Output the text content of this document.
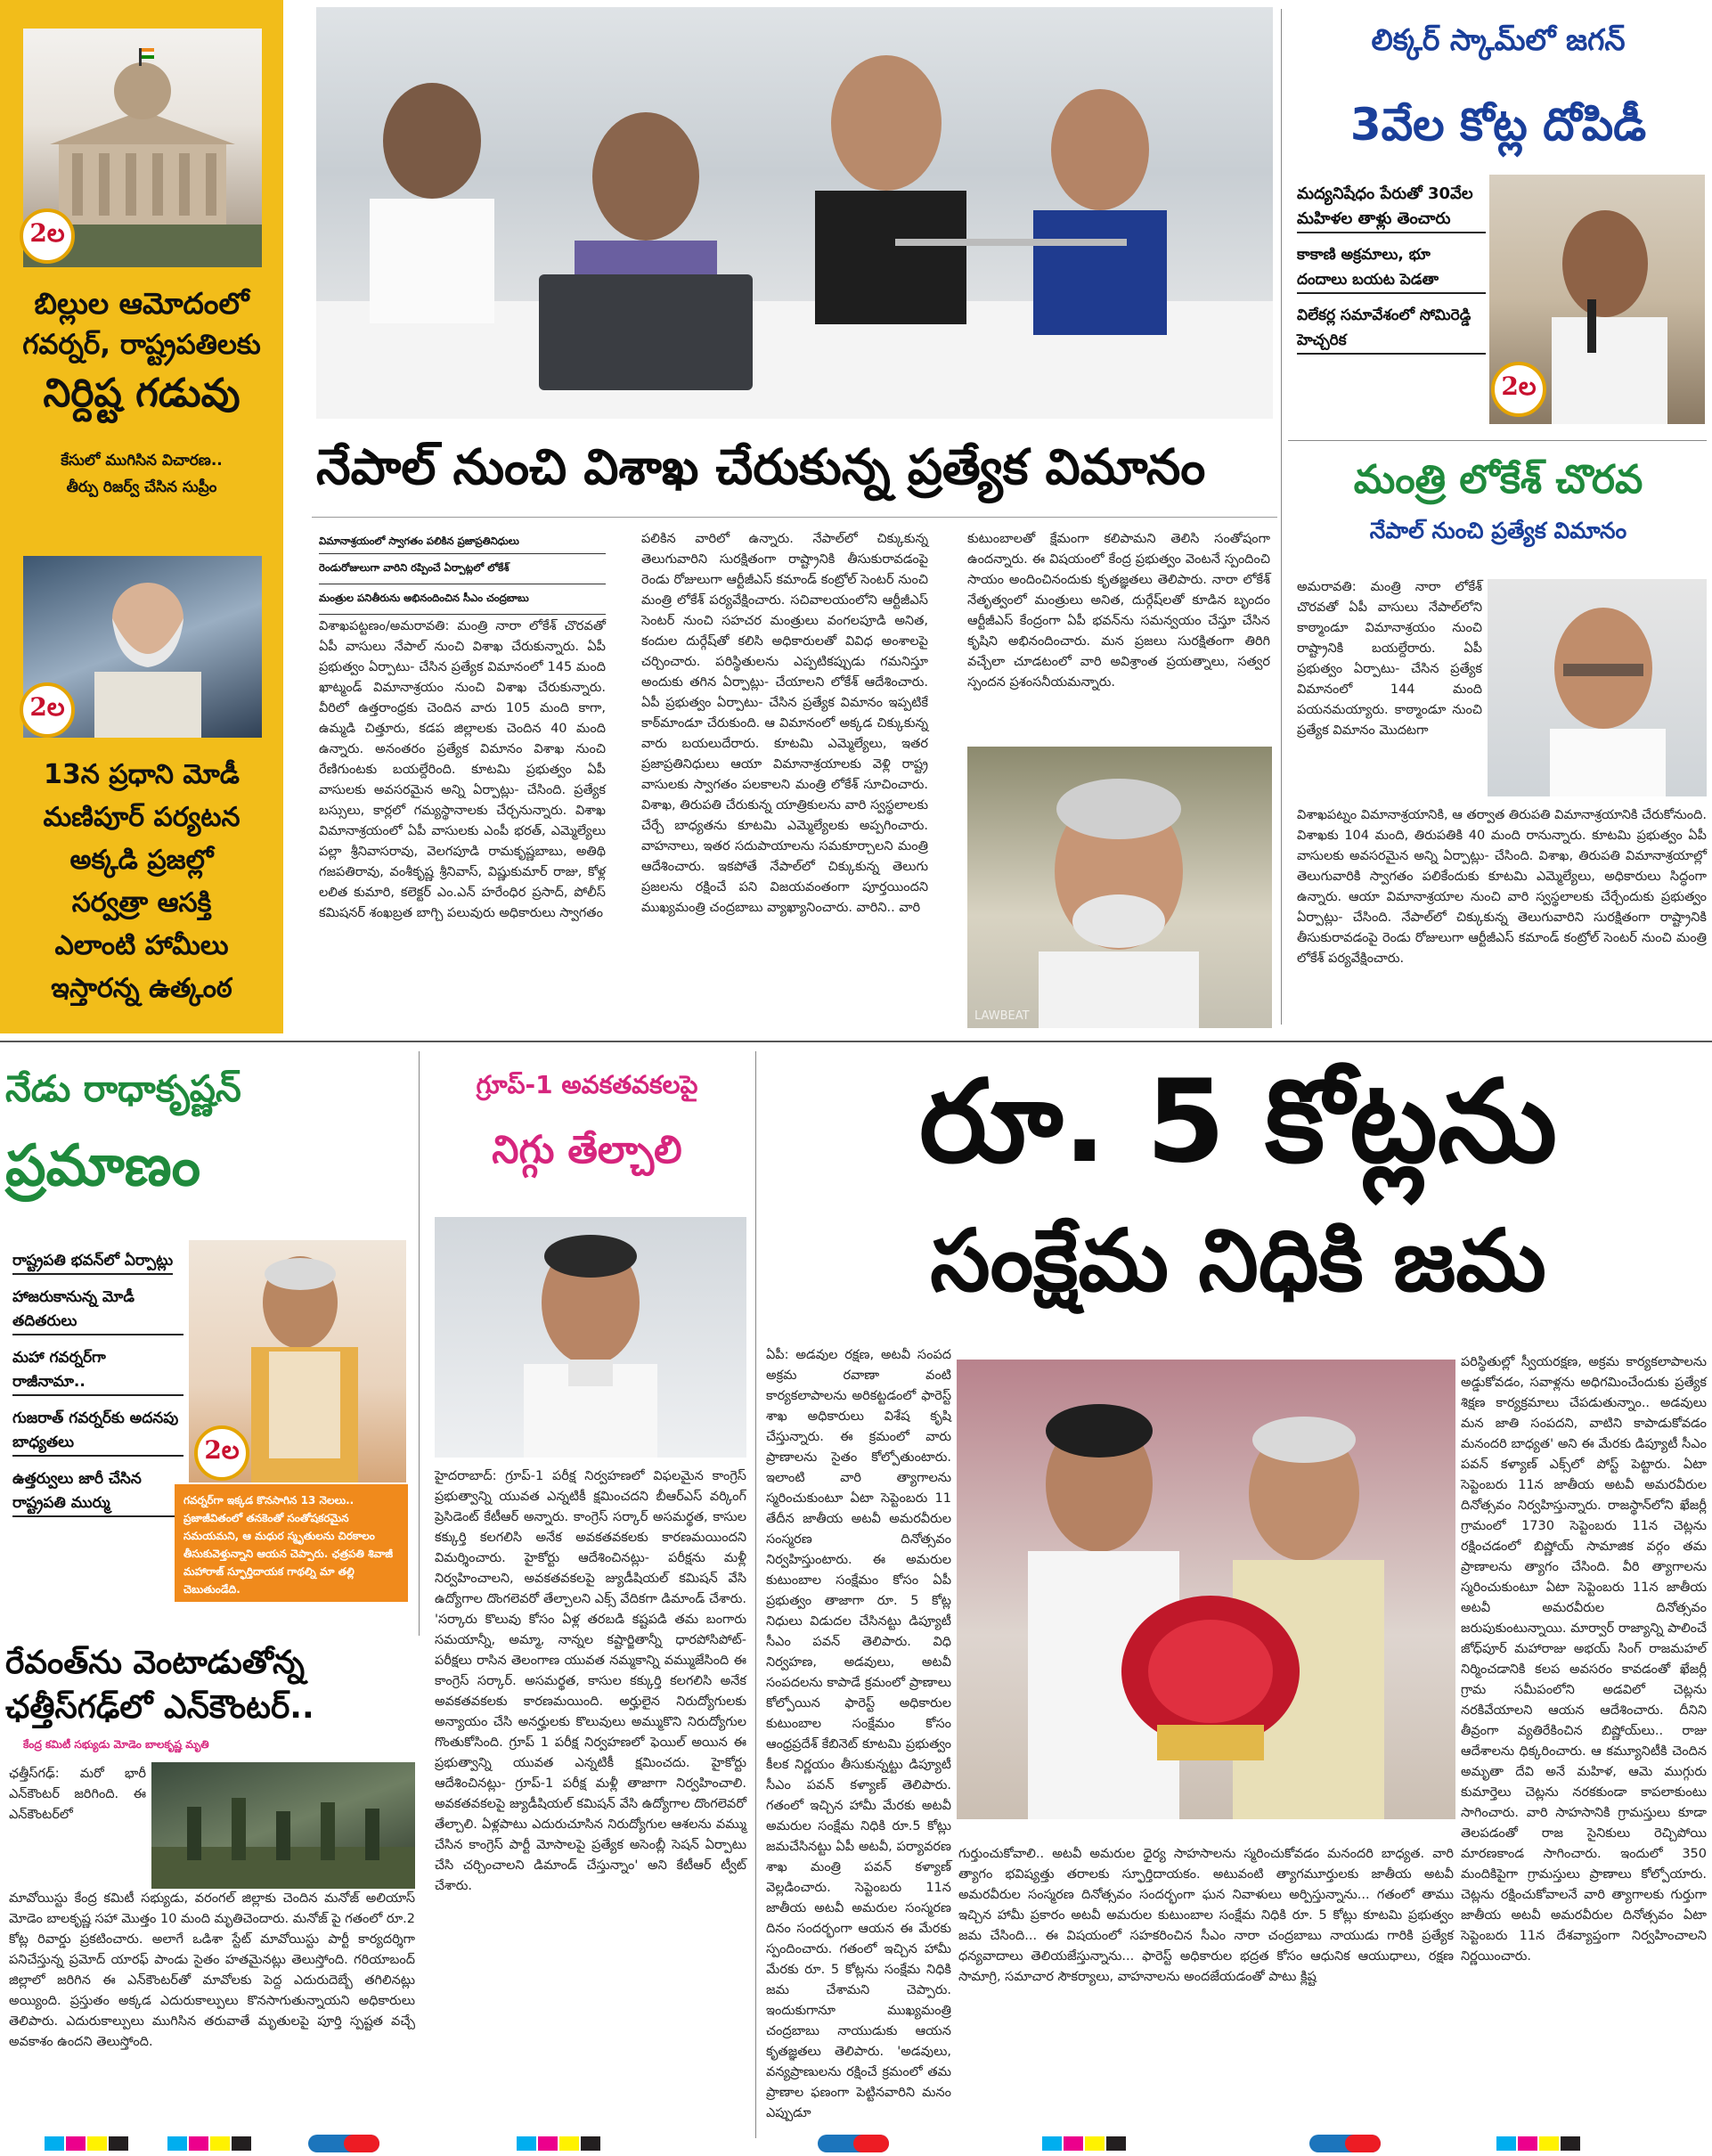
2ల
బిల్లుల ఆమోదంలో
గవర్నర్, రాష్ట్రపతిలకు
నిర్దిష్ట గడువు
కేసులో ముగిసిన విచారణ..
తీర్పు రిజర్వ్ చేసిన సుప్రీం
2ల
13న ప్రధాని మోడీ
మణిపూర్ పర్యటన
అక్కడి ప్రజల్లో
సర్వత్రా ఆసక్తి
ఎలాంటి హామీలు
ఇస్తారన్న ఉత్కంఠ
నేపాల్ నుంచి విశాఖ చేరుకున్న ప్రత్యేక విమానం
విమానాశ్రయంలో స్వాగతం పలికిన ప్రజాప్రతినిధులు
రెండురోజులుగా వారిని రప్పించే ఏర్పాట్లలో లోకేశ్
మంత్రుల పనితీరును అభినందించిన సీఎం చంద్రబాబు
విశాఖపట్టణం/అమరావతి: మంత్రి నారా లోకేశ్ చొరవతో ఏపీ వాసులు నేపాల్ నుంచి విశాఖ చేరుకున్నారు. ఏపీ ప్రభుత్వం ఏర్పాటు- చేసిన ప్రత్యేక విమానంలో 145 మంది ఖాట్మండ్ విమానాశ్రయం నుంచి విశాఖ చేరుకున్నారు. వీరిలో ఉత్తరాంధ్రకు చెందిన వారు 105 మంది కాగా, ఉమ్మడి చిత్తూరు, కడప జిల్లాలకు చెందిన 40 మంది ఉన్నారు. అనంతరం ప్రత్యేక విమానం విశాఖ నుంచి రేణిగుంటకు బయల్దేరింది. కూటమి ప్రభుత్వం ఏపీ వాసులకు అవసరమైన అన్ని ఏర్పాట్లు- చేసింది. ప్రత్యేక బస్సులు, కార్లలో గమ్యస్థానాలకు చేర్చనున్నారు. విశాఖ విమానాశ్రయంలో ఏపీ వాసులకు ఎంపీ భరత్, ఎమ్మెల్యేలు పల్లా శ్రీనివాసరావు, వెలగపూడి రామకృష్ణబాబు, అతిథి గజపతిరావు, వంశీకృష్ణ శ్రీనివాస్, విష్ణుకుమార్ రాజు, కోళ్ల లలిత కుమారి, కలెక్టర్ ఎం.ఎన్ హరేంధిర ప్రసాద్, పోలీస్ కమిషనర్ శంఖబ్రత బాగ్చి పలువురు అధికారులు స్వాగతం
పలికిన వారిలో ఉన్నారు. నేపాల్‌లో చిక్కుకున్న తెలుగువారిని సురక్షితంగా రాష్ట్రానికి తీసుకురావడంపై రెండు రోజులుగా ఆర్టీజీఎస్ కమాండ్ కంట్రోల్ సెంటర్ నుంచి మంత్రి లోకేశ్ పర్యవేక్షించారు. సచివాలయంలోని ఆర్టీజీఎస్ సెంటర్ నుంచి సహచర మంత్రులు వంగలపూడి అనిత, కందుల దుర్గేష్‌తో కలిసి అధికారులతో వివిధ అంశాలపై చర్చించారు. పరిస్థితులను ఎప్పటికప్పుడు గమనిస్తూ అందుకు తగిన ఏర్పాట్లు- చేయాలని లోకేశ్ ఆదేశించారు. ఏపీ ప్రభుత్వం ఏర్పాటు- చేసిన ప్రత్యేక విమానం ఇప్పటికే కాఠ్‌మాండూ చేరుకుంది. ఆ విమానంలో అక్కడ చిక్కుకున్న వారు బయలుదేరారు. కూటమి ఎమ్మెల్యేలు, ఇతర ప్రజాప్రతినిధులు ఆయా విమానాశ్రయాలకు వెళ్లి రాష్ట్ర వాసులకు స్వాగతం పలకాలని మంత్రి లోకేశ్ సూచించారు. విశాఖ, తిరుపతి చేరుకున్న యాత్రికులను వారి స్వస్థలాలకు చేర్చే బాధ్యతను కూటమి ఎమ్మెల్యేలకు అప్పగించారు. వాహనాలు, ఇతర సదుపాయాలను సమకూర్చాలని మంత్రి ఆదేశించారు. ఇకపోతే నేపాల్‌లో చిక్కుకున్న తెలుగు ప్రజలను రక్షించే పని విజయవంతంగా పూర్తయిందని ముఖ్యమంత్రి చంద్రబాబు వ్యాఖ్యానించారు. వారిని.. వారి
కుటుంబాలతో క్షేమంగా కలిపామని తెలిసి సంతోషంగా ఉందన్నారు. ఈ విషయంలో కేంద్ర ప్రభుత్వం వెంటనే స్పందించి సాయం అందించినందుకు కృతజ్ఞతలు తెలిపారు. నారా లోకేశ్ నేతృత్వంలో మంత్రులు అనిత, దుర్గేష్‌లతో కూడిన బృందం ఆర్టీజీఎస్ కేంద్రంగా ఏపీ భవన్‌ను సమన్వయం చేస్తూ చేసిన కృషిని అభినందించారు. మన ప్రజలు సురక్షితంగా తిరిగి వచ్చేలా చూడటంలో వారి అవిశ్రాంత ప్రయత్నాలు, సత్వర స్పందన ప్రశంసనీయమన్నారు.
LAWBEAT
లిక్కర్ స్కామ్‌లో జగన్
3వేల కోట్ల దోపిడీ
మద్యనిషేధం పేరుతో 30వేల మహిళల తాళ్లు తెంచారు కాకాణి అక్రమాలు, భూ దందాలు బయట పెడతా విలేకర్ల సమావేశంలో సోమిరెడ్డి హెచ్చరిక
2ల
మంత్రి లోకేశ్ చొరవ
నేపాల్ నుంచి ప్రత్యేక విమానం
అమరావతి: మంత్రి నారా లోకేశ్ చొరవతో ఏపీ వాసులు నేపాల్‌లోని కాఠ్మాండూ విమానాశ్రయం నుంచి రాష్ట్రానికి బయల్దేరారు. ఏపీ ప్రభుత్వం ఏర్పాటు- చేసిన ప్రత్యేక విమానంలో 144 మంది పయనమయ్యారు. కాఠ్మాండూ నుంచి ప్రత్యేక విమానం మొదటగా
విశాఖపట్నం విమానాశ్రయానికి, ఆ తర్వాత తిరుపతి విమానాశ్రయానికి చేరుకోనుంది. విశాఖకు 104 మంది, తిరుపతికి 40 మంది రానున్నారు. కూటమి ప్రభుత్వం ఏపీ వాసులకు అవసరమైన అన్ని ఏర్పాట్లు- చేసింది. విశాఖ, తిరుపతి విమానాశ్రయాల్లో తెలుగువారికి స్వాగతం పలికేందుకు కూటమి ఎమ్మెల్యేలు, అధికారులు సిద్ధంగా ఉన్నారు. ఆయా విమానాశ్రయాల నుంచి వారి స్వస్థలాలకు చేర్చేందుకు ప్రభుత్వం ఏర్పాట్లు- చేసింది. నేపాల్‌లో చిక్కుకున్న తెలుగువారిని సురక్షితంగా రాష్ట్రానికి తీసుకురావడంపై రెండు రోజులుగా ఆర్టీజీఎస్ కమాండ్ కంట్రోల్ సెంటర్ నుంచి మంత్రి లోకేశ్ పర్యవేక్షించారు.
నేడు రాధాకృష్ణన్
ప్రమాణం
రాష్ట్రపతి భవన్‌లో ఏర్పాట్లు హాజరుకానున్న మోడీ తదితరులు మహా గవర్నర్‌గా రాజీనామా.. గుజరాత్ గవర్నర్‌కు అదనపు బాధ్యతలు ఉత్తర్వులు జారీ చేసిన రాష్ట్రపతి ముర్ము
2ల
గవర్నర్‌గా ఇక్కడ కొనసాగిన 13 నెలలు.. ప్రజాజీవితంలో తనకెంతో సంతోషకరమైన సమయమని, ఆ మధుర స్మృతులను చిరకాలం తీసుకువెళ్తున్నాని ఆయన చెప్పారు. ఛత్రపతి శివాజీ మహారాజ్ స్ఫూర్తిదాయక గాథల్ని మా తల్లి చెబుతుండేది.
రేవంత్‌ను వెంటాడుతోన్న
ఛత్తీస్‌గఢ్‌లో ఎన్‌కౌంటర్..
కేంద్ర కమిటీ సభ్యుడు మోడెం బాలకృష్ణ మృతి
ఛత్తీస్‌గఢ్: మరో భారీ ఎన్‌కౌంటర్ జరిగింది. ఈ ఎన్‌కౌంటర్‌లో
మావోయిస్టు కేంద్ర కమిటీ సభ్యుడు, వరంగల్ జిల్లాకు చెందిన మనోజ్ అలియాస్ మోడెం బాలకృష్ణ సహా మొత్తం 10 మంది మృతిచెందారు. మనోజ్ పై గతంలో రూ.2 కోట్ల రివార్డు ప్రకటించారు. అలాగే ఒడిశా స్టేట్ మావోయిస్టు పార్టీ కార్యదర్శిగా పనిచేస్తున్న ప్రమోద్ యారఫ్ పాండు సైతం హతమైనట్లు తెలుస్తోంది. గరియాబంద్ జిల్లాలో జరిగిన ఈ ఎన్‌కౌంటర్‌తో మావోలకు పెద్ద ఎదురుదెబ్బే తగిలినట్లు అయ్యింది. ప్రస్తుతం అక్కడ ఎదురుకాల్పులు కొనసాగుతున్నాయని అధికారులు తెలిపారు. ఎదురుకాల్పులు ముగిసిన తరువాతే మృతులపై పూర్తి స్పష్టత వచ్చే అవకాశం ఉందని తెలుస్తోంది.
గ్రూప్-1 అవకతవకలపై
నిగ్గు తేల్చాలి
హైదరాబాద్: గ్రూప్-1 పరీక్ష నిర్వహణలో విఫలమైన కాంగ్రెస్ ప్రభుత్వాన్ని యువత ఎన్నటికీ క్షమించదని బీఆర్ఎస్ వర్కింగ్ ప్రెసిడెంట్ కేటీఆర్ అన్నారు. కాంగ్రెస్ సర్కార్ అసమర్థత, కాసుల కక్కుర్తి కలగలిసి అనేక అవకతవకలకు కారణమయిందని విమర్శించారు. హైకోర్టు ఆదేశించినట్లు- పరీక్షను మళ్లీ నిర్వహించాలని, అవకతవకలపై జ్యుడీషియల్ కమిషన్ వేసి ఉద్యోగాల దొంగలెవరో తేల్చాలని ఎక్స్ వేదికగా డిమాండ్ చేశారు. 'సర్కారు కొలువు కోసం ఏళ్ల తరబడి కష్టపడి తమ బంగారు సమయాన్నీ, అమ్మా, నాన్నల కష్టార్జితాన్నీ ధారపోసిపోట్- పరీక్షలు రాసిన తెలంగాణ యువత నమ్మకాన్ని వమ్ముజేసింది ఈ కాంగ్రెస్ సర్కార్. అసమర్థత, కాసుల కక్కుర్తి కలగలిసి అనేక అవకతవకలకు కారణమయింది. అర్హులైన నిరుద్యోగులకు అన్యాయం చేసి అనర్హులకు కొలువులు అమ్ముకొని నిరుద్యోగుల గొంతుకోసింది. గ్రూప్ 1 పరీక్ష నిర్వహణలో ఫెయిల్ అయిన ఈ ప్రభుత్వాన్ని యువత ఎన్నటికీ క్షమించదు. హైకోర్టు ఆదేశించినట్లు- గ్రూప్-1 పరీక్ష మళ్లీ తాజాగా నిర్వహించాలి. అవకతవకలపై జ్యుడీషియల్ కమిషన్ వేసి ఉద్యోగాల దొంగలెవరో తేల్చాలి. ఏళ్లపాటు ఎదురుచూసిన నిరుద్యోగుల ఆశలను వమ్ము చేసిన కాంగ్రెస్ పార్టీ మోసాలపై ప్రత్యేక అసెంబ్లీ సెషన్ ఏర్పాటు చేసి చర్చించాలని డిమాండ్ చేస్తున్నాం' అని కేటీఆర్ ట్వీట్ చేశారు.
రూ. 5 కోట్లను
సంక్షేమ నిధికి జమ
ఏపీ: అడవుల రక్షణ, అటవీ సంపద అక్రమ రవాణా వంటి కార్యకలాపాలను అరికట్టడంలో ఫారెస్ట్ శాఖ అధికారులు విశేష కృషి చేస్తున్నారు. ఈ క్రమంలో వారు ప్రాణాలను సైతం కోల్పోతుంటారు. ఇలాంటి వారి త్యాగాలను స్మరించుకుంటూ ఏటా సెప్టెంబరు 11 తేదీన జాతీయ అటవీ అమరవీరుల సంస్మరణ దినోత్సవం నిర్వహిస్తుంటారు. ఈ అమరుల కుటుంబాల సంక్షేమం కోసం ఏపీ ప్రభుత్వం తాజాగా రూ. 5 కోట్ల నిధులు విడుదల చేసినట్టు డిప్యూటీ సీఎం పవన్ తెలిపారు. విధి నిర్వహణ, అడవులు, అటవీ సంపదలను కాపాడే క్రమంలో ప్రాణాలు కోల్పోయిన ఫారెస్ట్ అధికారుల కుటుంబాల సంక్షేమం కోసం ఆంధ్రప్రదేశ్ కేబినెట్ కూటమి ప్రభుత్వం కీలక నిర్ణయం తీసుకున్నట్టు డిప్యూటీ సీఎం పవన్ కళ్యాణ్ తెలిపారు. గతంలో ఇచ్చిన హామీ మేరకు అటవీ అమరుల సంక్షేమ నిధికి రూ.5 కోట్లు జమచేసినట్టు ఏపీ అటవీ, పర్యావరణ శాఖ మంత్రి పవన్ కళ్యాణ్ వెల్లడించారు. సెప్టెంబరు 11న జాతీయ అటవీ అమరుల సంస్మరణ దినం సందర్భంగా ఆయన ఈ మేరకు స్పందించారు. గతంలో ఇచ్చిన హామీ మేరకు రూ. 5 కోట్లను సంక్షేమ నిధికి జమ చేశామని చెప్పారు. ఇందుకుగానూ ముఖ్యమంత్రి చంద్రబాబు నాయుడుకు ఆయన కృతజ్ఞతలు తెలిపారు. 'అడవులు, వన్యప్రాణులను రక్షించే క్రమంలో తమ ప్రాణాల ఫణంగా పెట్టినవారిని మనం ఎప్పుడూ
గుర్తుంచుకోవాలి.. అటవీ అమరుల ధైర్య సాహసాలను స్మరించుకోవడం మనందరి బాధ్యత. వారి త్యాగం భవిష్యత్తు తరాలకు స్ఫూర్తిదాయకం. అటువంటి త్యాగమూర్తులకు జాతీయ అటవీ అమరవీరుల సంస్మరణ దినోత్సవం సందర్భంగా ఘన నివాళులు అర్పిస్తున్నాను... గతంలో తాము ఇచ్చిన హామీ ప్రకారం అటవీ అమరుల కుటుంబాల సంక్షేమ నిధికి రూ. 5 కోట్లు కూటమి ప్రభుత్వం జమ చేసింది... ఈ విషయంలో సహకరించిన సీఎం నారా చంద్రబాబు నాయుడు గారికి ప్రత్యేక ధన్యవాదాలు తెలియజేస్తున్నాను... ఫారెస్ట్ అధికారుల భద్రత కోసం ఆధునిక ఆయుధాలు, రక్షణ సామాగ్రి, సమాచార సౌకర్యాలు, వాహనాలను అందజేయడంతో పాటు క్లిష్ట
పరిస్థితుల్లో స్వీయరక్షణ, అక్రమ కార్యకలాపాలను అడ్డుకోవడం, సవాళ్లను అధిగమించేందుకు ప్రత్యేక శిక్షణ కార్యక్రమాలు చేపడుతున్నాం.. అడవులు మన జాతి సంపదని, వాటిని కాపాడుకోవడం మనందరి బాధ్యత' అని ఈ మేరకు డిప్యూటీ సీఎం పవన్ కళ్యాణ్ ఎక్స్‌లో పోస్ట్ పెట్టారు. ఏటా సెప్టెంబరు 11న జాతీయ అటవీ అమరవీరుల దినోత్సవం నిర్వహిస్తున్నారు. రాజస్థాన్‌లోని ఖేజర్లీ గ్రామంలో 1730 సెప్టెంబరు 11న చెట్లను రక్షించడంలో బిష్ణోయ్ సామాజిక వర్గం తమ ప్రాణాలను త్యాగం చేసింది. వీరి త్యాగాలను స్మరించుకుంటూ ఏటా సెప్టెంబరు 11న జాతీయ అటవీ అమరవీరుల దినోత్సవం జరుపుకుంటున్నాయి. మార్వార్ రాజ్యాన్ని పాలించే జోధ్‌పూర్ మహారాజు అభయ్ సింగ్ రాజమహల్ నిర్మించడానికి కలప అవసరం కావడంతో ఖేజర్లీ గ్రామ సమీపంలోని అడవిలో చెట్లను నరకివేయాలని ఆయన ఆదేశించారు. దీనిని తీవ్రంగా వ్యతిరేకించిన బిష్ణోయ్‌లు.. రాజు ఆదేశాలను ధిక్కరించారు. ఆ కమ్యూనిటీకి చెందిన అమృతా దేవి అనే మహిళ, ఆమె ముగ్గురు కుమార్తెలు చెట్లను నరకకుండా కాపలాకుంటు సాగించారు. వారి సాహసానికి గ్రామస్తులు కూడా తెలపడంతో రాజ సైనికులు రెచ్చిపోయి మారణకాండ సాగించారు. ఇందులో 350 మందికిపైగా గ్రామస్తులు ప్రాణాలు కోల్పోయారు. చెట్లను రక్షించుకోవాలనే వారి త్యాగాలకు గుర్తుగా జాతీయ అటవీ అమరవీరుల దినోత్సవం ఏటా సెప్టెంబరు 11న దేశవ్యాప్తంగా నిర్వహించాలని నిర్ణయించారు.
